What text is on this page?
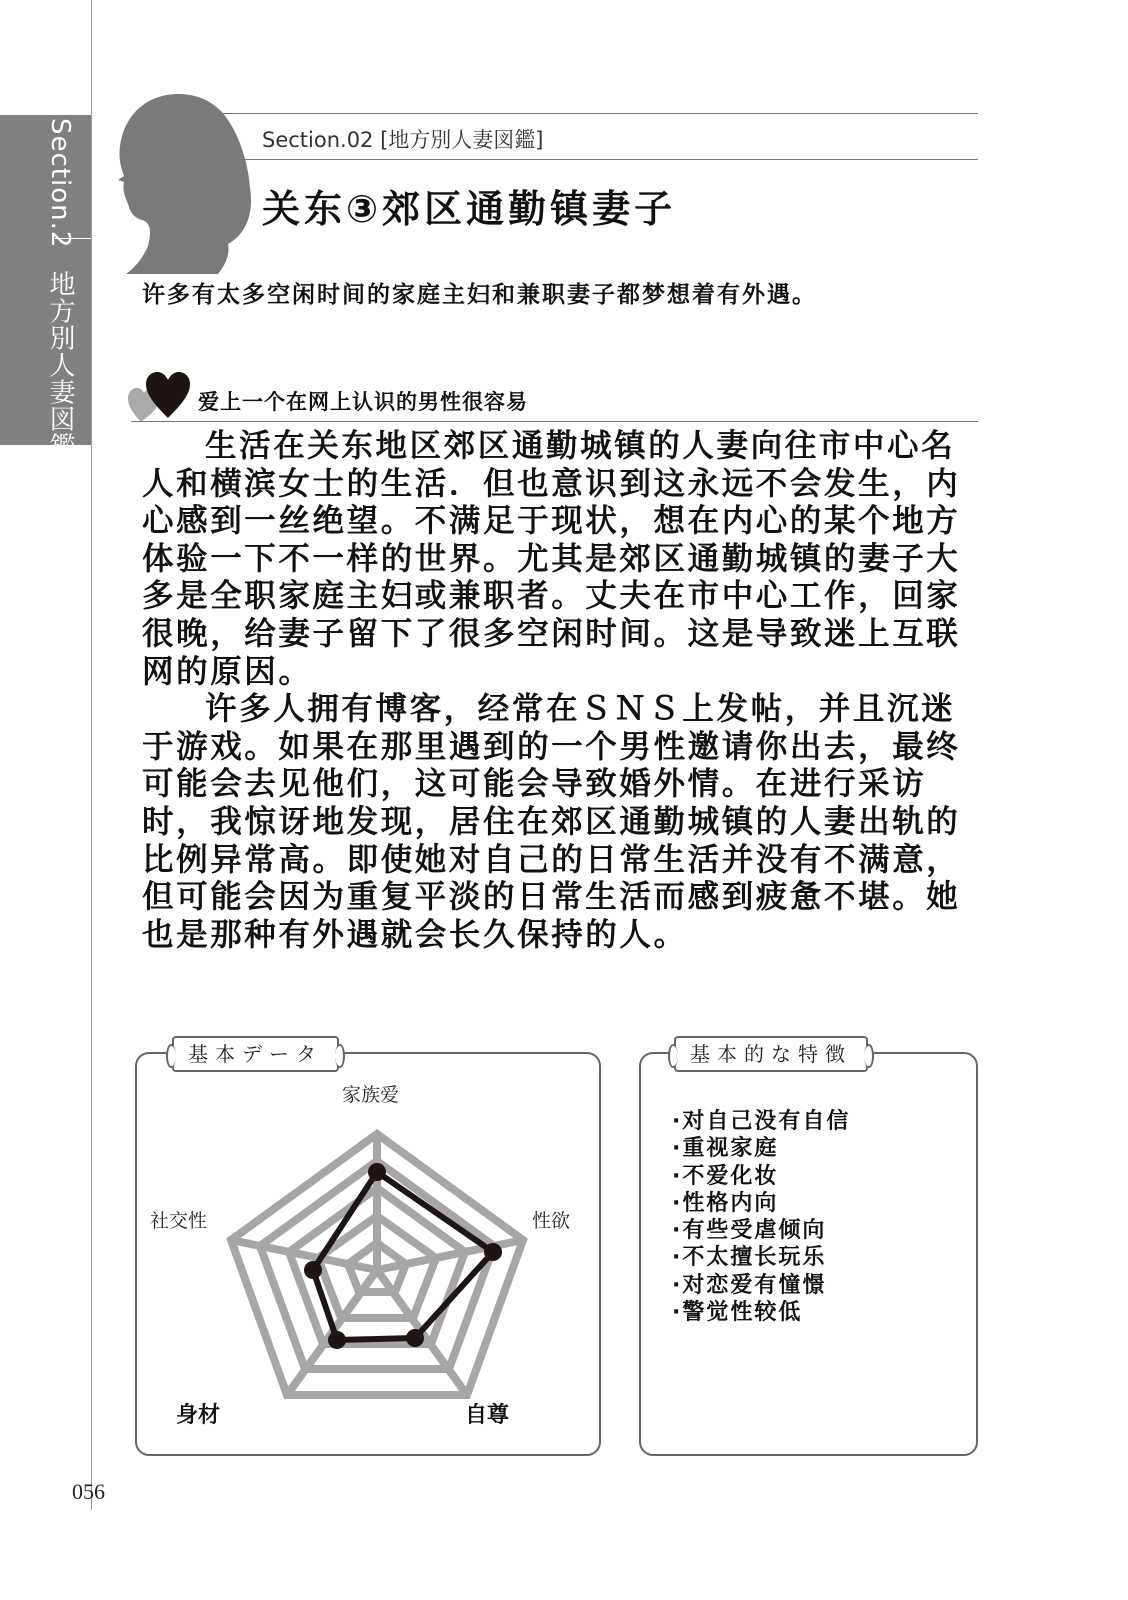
Section.2地方別人妻図鑑
Section.02 [地方別人妻図鑑]
关东③郊区通勤镇妻子
许多有太多空闲时间的家庭主妇和兼职妻子都梦想着有外遇。
爱上一个在网上认识的男性很容易

生活在关东地区郊区通勤城镇的人妻向往市中心名人和横滨女士的生活．但也意识到这永远不会发生，内心感到一丝绝望。不满足于现状，想在内心的某个地方体验一下不一样的世界。尤其是郊区通勤城镇的妻子大多是全职家庭主妇或兼职者。丈夫在市中心工作，回家很晚，给妻子留下了很多空闲时间。这是导致迷上互联网的原因。

许多人拥有博客，经常在ＳＮＳ上发帖，并且沉迷于游戏。如果在那里遇到的一个男性邀请你出去，最终可能会去见他们，这可能会导致婚外情。在进行采访时，我惊讶地发现，居住在郊区通勤城镇的人妻出轨的比例异常高。即使她对自己的日常生活并没有不满意，但可能会因为重复平淡的日常生活而感到疲惫不堪。她也是那种有外遇就会长久保持的人。

基本データ
家族爱
性欲
自尊
身材
社交性
基本的な特徴
· 对自己没有自信
· 重视家庭
· 不爱化妆
· 性格内向
· 有些受虐倾向
· 不太擅长玩乐
· 对恋爱有憧憬
· 警觉性较低
056
